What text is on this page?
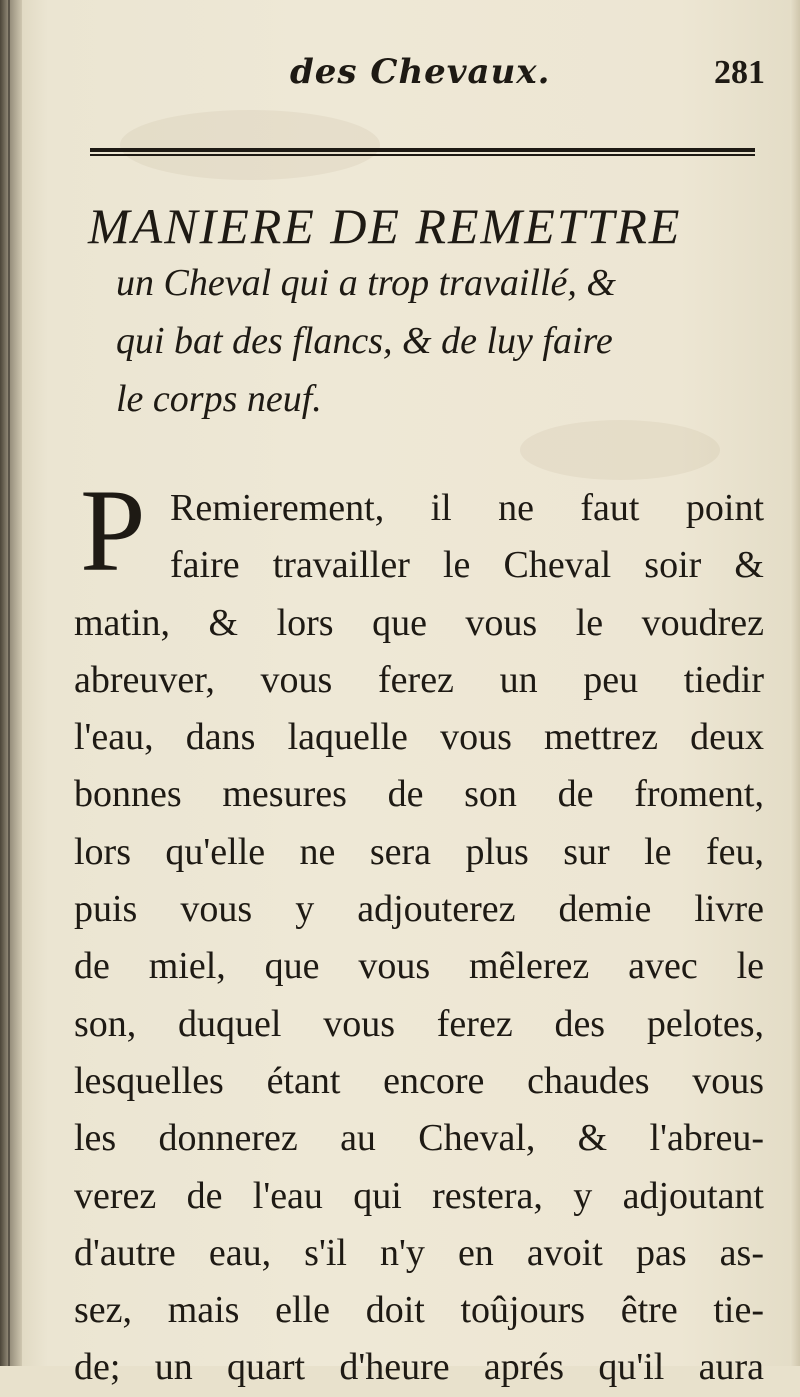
des Chevaux.	281
MANIERE DE REMETTRE
un Cheval qui a trop travaillé, &
qui bat des flancs, & de luy faire
le corps neuf.
P Remierement, il ne faut point
faire travailler le Cheval soir &
matin, & lors que vous le voudrez
abreuver, vous ferez un peu tiedir
l'eau, dans laquelle vous mettrez deux
bonnes mesures de son de froment,
lors qu'elle ne sera plus sur le feu,
puis vous y adjouterez demie livre
de miel, que vous mêlerez avec le
son, duquel vous ferez des pelotes,
lesquelles étant encore chaudes vous
les donnerez au Cheval, & l'abreu-
verez de l'eau qui restera, y adjoutant
d'autre eau, s'il n'y en avoit pas as-
sez, mais elle doit toûjours être tie-
de; un quart d'heure aprés qu'il aura
